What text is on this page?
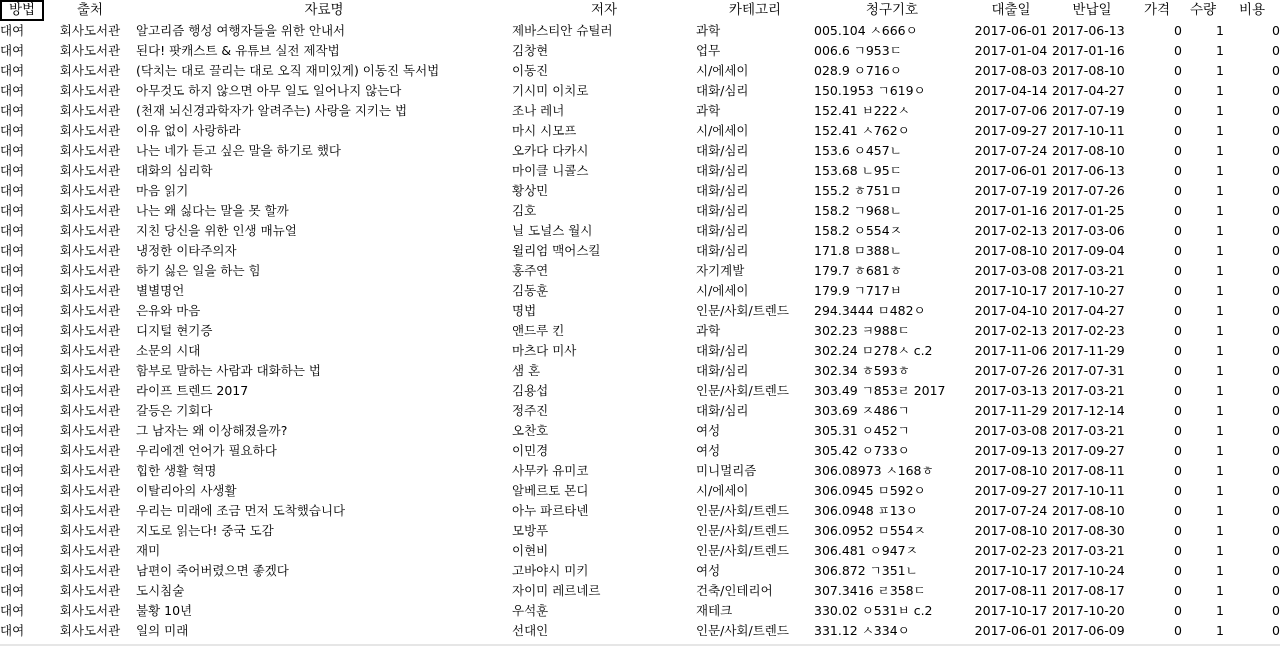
방법	출처	자료명	저자	카테고리	청구기호	대출일	반납일	가격	수량	비용
대여	회사도서관	알고리즘 행성 여행자들을 위한 안내서	제바스티안 슈틸러	과학	005.104 ㅅ666ㅇ	2017-06-01	2017-06-13	0	1	0
대여	회사도서관	된다! 팟캐스트 & 유튜브 실전 제작법	김창현	업무	006.6 ㄱ953ㄷ	2017-01-04	2017-01-16	0	1	0
대여	회사도서관	(닥치는 대로 끌리는 대로 오직 재미있게) 이동진 독서법	이동진	시/에세이	028.9 ㅇ716ㅇ	2017-08-03	2017-08-10	0	1	0
대여	회사도서관	아무것도 하지 않으면 아무 일도 일어나지 않는다	기시미 이치로	대화/심리	150.1953 ㄱ619ㅇ	2017-04-14	2017-04-27	0	1	0
대여	회사도서관	(천재 뇌신경과학자가 알려주는) 사랑을 지키는 법	조나 레너	과학	152.41 ㅂ222ㅅ	2017-07-06	2017-07-19	0	1	0
대여	회사도서관	이유 없이 사랑하라	마시 시모프	시/에세이	152.41 ㅅ762ㅇ	2017-09-27	2017-10-11	0	1	0
대여	회사도서관	나는 네가 듣고 싶은 말을 하기로 했다	오카다 다카시	대화/심리	153.6 ㅇ457ㄴ	2017-07-24	2017-08-10	0	1	0
대여	회사도서관	대화의 심리학	마이클 니콜스	대화/심리	153.68 ㄴ95ㄷ	2017-06-01	2017-06-13	0	1	0
대여	회사도서관	마음 읽기	황상민	대화/심리	155.2 ㅎ751ㅁ	2017-07-19	2017-07-26	0	1	0
대여	회사도서관	나는 왜 싫다는 말을 못 할까	김호	대화/심리	158.2 ㄱ968ㄴ	2017-01-16	2017-01-25	0	1	0
대여	회사도서관	지친 당신을 위한 인생 매뉴얼	닐 도널스 월시	대화/심리	158.2 ㅇ554ㅈ	2017-02-13	2017-03-06	0	1	0
대여	회사도서관	냉정한 이타주의자	윌리엄 맥어스킬	대화/심리	171.8 ㅁ388ㄴ	2017-08-10	2017-09-04	0	1	0
대여	회사도서관	하기 싫은 일을 하는 힘	홍주연	자기계발	179.7 ㅎ681ㅎ	2017-03-08	2017-03-21	0	1	0
대여	회사도서관	별별명언	김동훈	시/에세이	179.9 ㄱ717ㅂ	2017-10-17	2017-10-27	0	1	0
대여	회사도서관	은유와 마음	명법	인문/사회/트렌드	294.3444 ㅁ482ㅇ	2017-04-10	2017-04-27	0	1	0
대여	회사도서관	디지털 현기증	앤드루 킨	과학	302.23 ㅋ988ㄷ	2017-02-13	2017-02-23	0	1	0
대여	회사도서관	소문의 시대	마츠다 미사	대화/심리	302.24 ㅁ278ㅅ c.2	2017-11-06	2017-11-29	0	1	0
대여	회사도서관	함부로 말하는 사람과 대화하는 법	샘 혼	대화/심리	302.34 ㅎ593ㅎ	2017-07-26	2017-07-31	0	1	0
대여	회사도서관	라이프 트렌드 2017	김용섭	인문/사회/트렌드	303.49 ㄱ853ㄹ 2017	2017-03-13	2017-03-21	0	1	0
대여	회사도서관	갈등은 기회다	정주진	대화/심리	303.69 ㅈ486ㄱ	2017-11-29	2017-12-14	0	1	0
대여	회사도서관	그 남자는 왜 이상해졌을까?	오찬호	여성	305.31 ㅇ452ㄱ	2017-03-08	2017-03-21	0	1	0
대여	회사도서관	우리에겐 언어가 필요하다	이민경	여성	305.42 ㅇ733ㅇ	2017-09-13	2017-09-27	0	1	0
대여	회사도서관	힙한 생활 혁명	사무카 유미코	미니멀리즘	306.08973 ㅅ168ㅎ	2017-08-10	2017-08-11	0	1	0
대여	회사도서관	이탈리아의 사생활	알베르토 몬디	시/에세이	306.0945 ㅁ592ㅇ	2017-09-27	2017-10-11	0	1	0
대여	회사도서관	우리는 미래에 조금 먼저 도착했습니다	아누 파르타넨	인문/사회/트렌드	306.0948 ㅍ13ㅇ	2017-07-24	2017-08-10	0	1	0
대여	회사도서관	지도로 읽는다! 중국 도감	모방푸	인문/사회/트렌드	306.0952 ㅁ554ㅈ	2017-08-10	2017-08-30	0	1	0
대여	회사도서관	재미	이현비	인문/사회/트렌드	306.481 ㅇ947ㅈ	2017-02-23	2017-03-21	0	1	0
대여	회사도서관	남편이 죽어버렸으면 좋겠다	고바야시 미키	여성	306.872 ㄱ351ㄴ	2017-10-17	2017-10-24	0	1	0
대여	회사도서관	도시침술	자이미 레르네르	건축/인테리어	307.3416 ㄹ358ㄷ	2017-08-11	2017-08-17	0	1	0
대여	회사도서관	불황 10년	우석훈	재테크	330.02 ㅇ531ㅂ c.2	2017-10-17	2017-10-20	0	1	0
대여	회사도서관	일의 미래	선대인	인문/사회/트렌드	331.12 ㅅ334ㅇ	2017-06-01	2017-06-09	0	1	0
